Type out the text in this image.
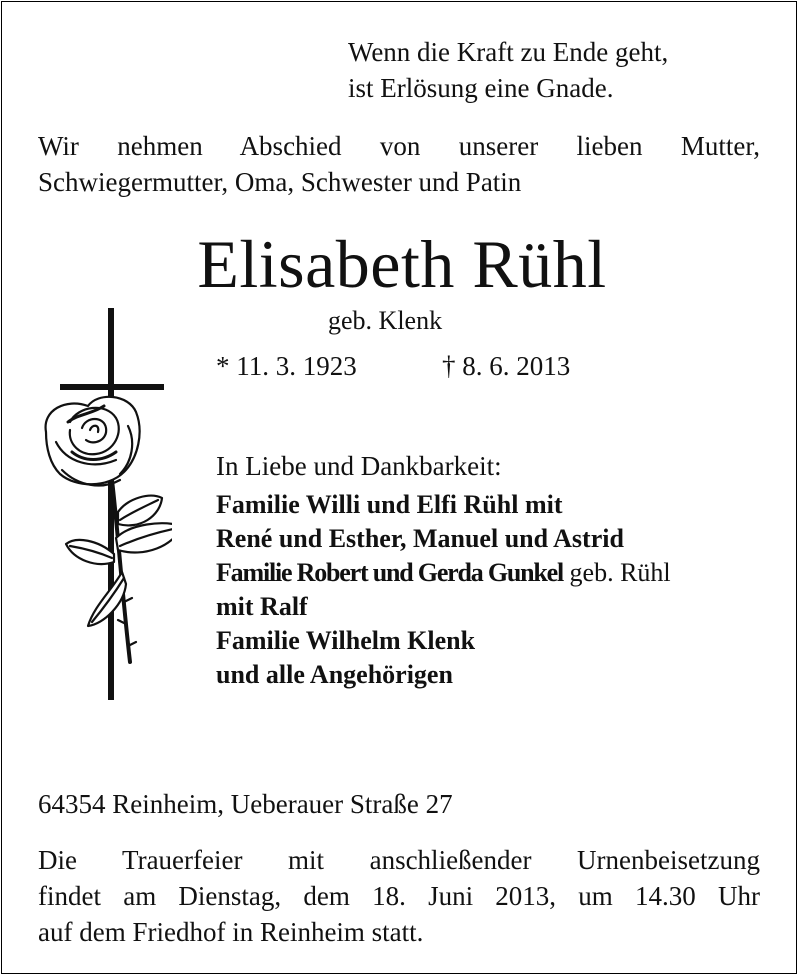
Wenn die Kraft zu Ende geht,
ist Erlösung eine Gnade.
Wir nehmen Abschied von unserer lieben Mutter,
Schwiegermutter, Oma, Schwester und Patin
Elisabeth Rühl
geb. Klenk
* 11. 3. 1923	† 8. 6. 2013
In Liebe und Dankbarkeit:
Familie Willi und Elfi Rühl mit
René und Esther, Manuel und Astrid
Familie Robert und Gerda Gunkel geb. Rühl
mit Ralf
Familie Wilhelm Klenk
und alle Angehörigen
64354 Reinheim, Ueberauer Straße 27
Die Trauerfeier mit anschließender Urnenbeisetzung
findet am Dienstag, dem 18. Juni 2013, um 14.30 Uhr
auf dem Friedhof in Reinheim statt.
